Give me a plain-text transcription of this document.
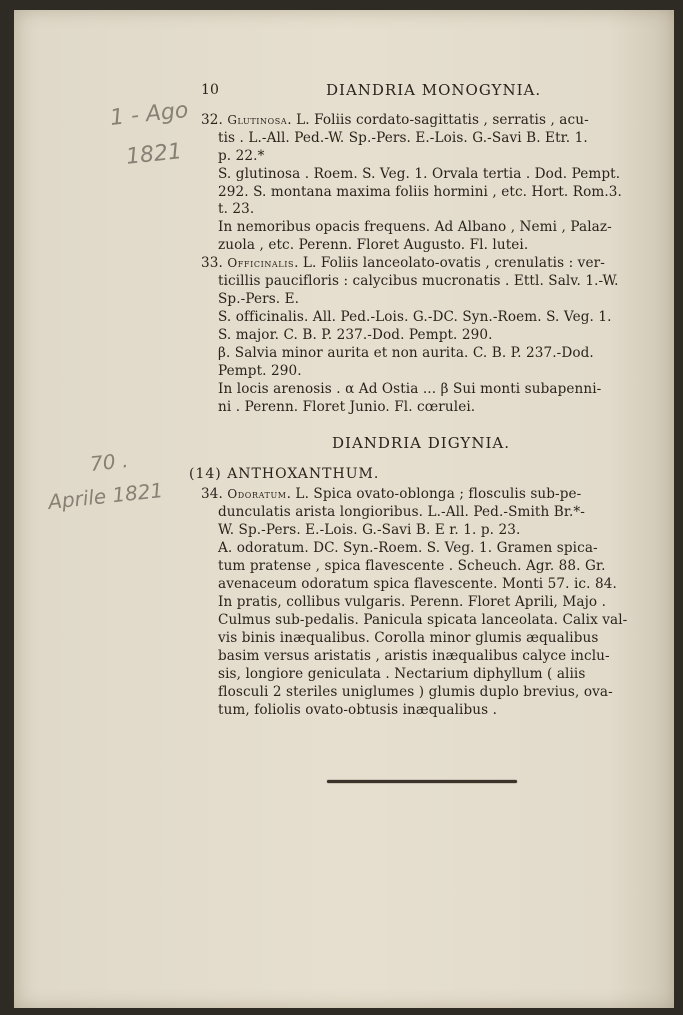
10	DIANDRIA MONOGYNIA.
1 - Ago
1821
70 .
Aprile 1821
32. Glutinosa. L. Foliis cordato-sagittatis , serratis , acu-
tis . L.-All. Ped.-W. Sp.-Pers. E.-Lois. G.-Savi B. Etr. 1.
p. 22.*
S. glutinosa . Roem. S. Veg. 1. Orvala tertia . Dod. Pempt.
292. S. montana maxima foliis hormini , etc. Hort. Rom.3.
t. 23.
In nemoribus opacis frequens. Ad Albano , Nemi , Palaz-
zuola , etc. Perenn. Floret Augusto. Fl. lutei.
33. Officinalis. L. Foliis lanceolato-ovatis , crenulatis : ver-
ticillis paucifloris : calycibus mucronatis . Ettl. Salv. 1.-W.
Sp.-Pers. E.
S. officinalis. All. Ped.-Lois. G.-DC. Syn.-Roem. S. Veg. 1.
S. major. C. B. P. 237.-Dod. Pempt. 290.
β. Salvia minor aurita et non aurita. C. B. P. 237.-Dod.
Pempt. 290.
In locis arenosis . α Ad Ostia ... β Sui monti subapenni-
ni . Perenn. Floret Junio. Fl. cœrulei.
DIANDRIA DIGYNIA.
(14) ANTHOXANTHUM.
34. Odoratum. L. Spica ovato-oblonga ; flosculis sub-pe-
dunculatis arista longioribus. L.-All. Ped.-Smith Br.*-
W. Sp.-Pers. E.-Lois. G.-Savi B. E r. 1. p. 23.
A. odoratum. DC. Syn.-Roem. S. Veg. 1. Gramen spica-
tum pratense , spica flavescente . Scheuch. Agr. 88. Gr.
avenaceum odoratum spica flavescente. Monti 57. ic. 84.
In pratis, collibus vulgaris. Perenn. Floret Aprili, Majo .
Culmus sub-pedalis. Panicula spicata lanceolata. Calix val-
vis binis inæqualibus. Corolla minor glumis æqualibus
basim versus aristatis , aristis inæqualibus calyce inclu-
sis, longiore geniculata . Nectarium diphyllum ( aliis
flosculi 2 steriles uniglumes ) glumis duplo brevius, ova-
tum, foliolis ovato-obtusis inæqualibus .
